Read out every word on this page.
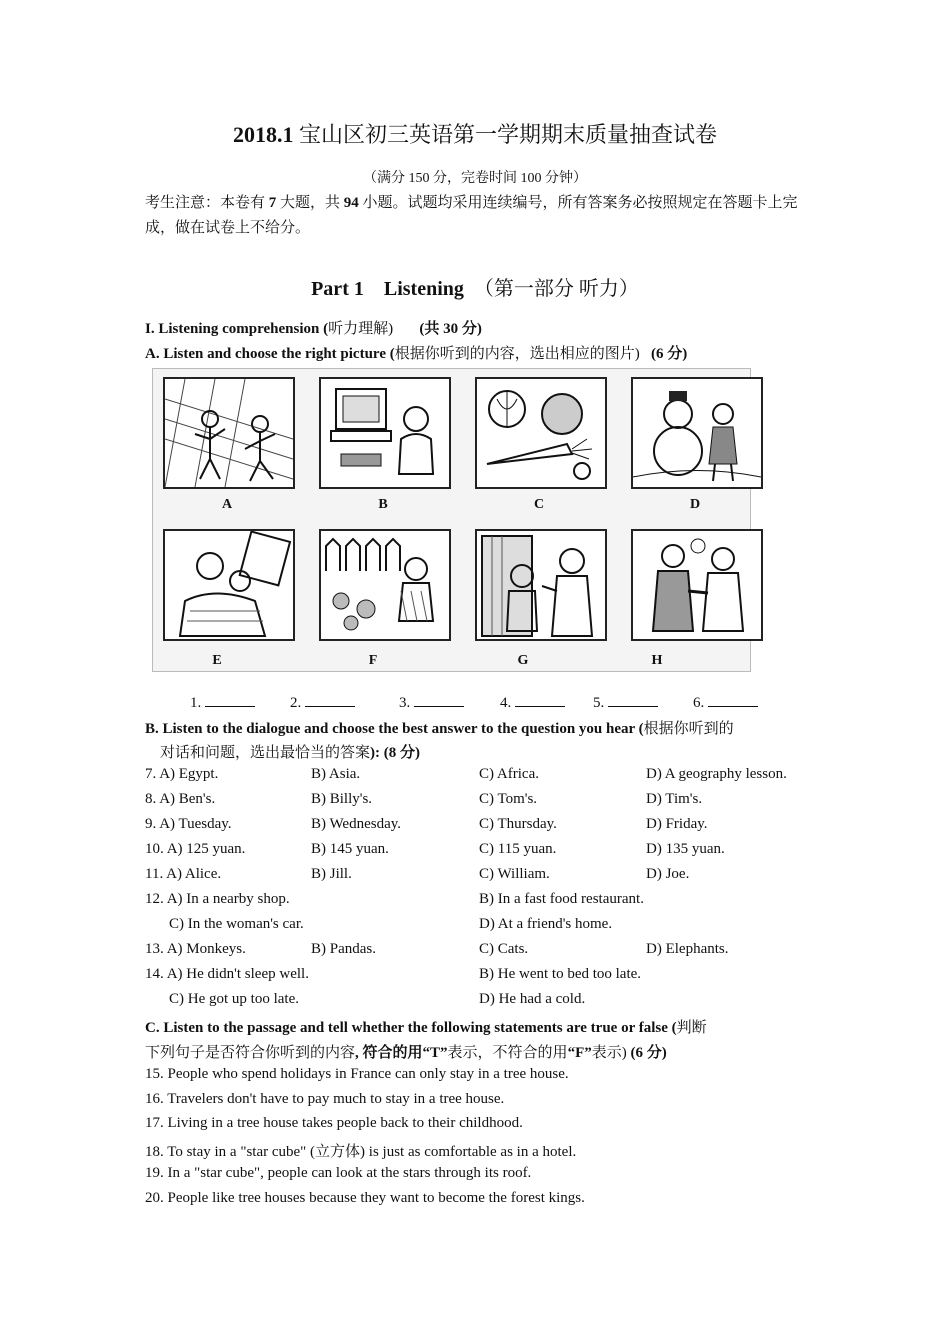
2018.1 宝山区初三英语第一学期期末质量抽查试卷
（满分 150 分，完卷时间 100 分钟）
考生注意：本卷有 7 大题，共 94 小题。试题均采用连续编号，所有答案务必按照规定在答题卡上完成，做在试卷上不给分。
Part 1 Listening （第一部分 听力）
I. Listening comprehension (听力理解) (共 30 分)
A. Listen and choose the right picture (根据你听到的内容，选出相应的图片) (6 分)
A	B	C	D
E	F	G	H
1.	2.	3.	4.	5.	6.
B. Listen to the dialogue and choose the best answer to the question you hear (根据你听到的
对话和问题，选出最恰当的答案): (8 分)
7. A) Egypt.	B) Asia.	C) Africa.	D) A geography lesson.
8. A) Ben's.	B) Billy's.	C) Tom's.	D) Tim's.
9. A) Tuesday.	B) Wednesday.	C) Thursday.	D) Friday.
10. A) 125 yuan.	B) 145 yuan.	C) 115 yuan.	D) 135 yuan.
11. A) Alice.	B) Jill.	C) William.	D) Joe.
12. A) In a nearby shop.	B) In a fast food restaurant.
C) In the woman's car.	D) At a friend's home.
13. A) Monkeys.	B) Pandas.	C) Cats.	D) Elephants.
14. A) He didn't sleep well.	B) He went to bed too late.
C) He got up too late.	D) He had a cold.
C. Listen to the passage and tell whether the following statements are true or false (判断
下列句子是否符合你听到的内容, 符合的用“T”表示，不符合的用“F”表示) (6 分)
15. People who spend holidays in France can only stay in a tree house.
16. Travelers don't have to pay much to stay in a tree house.
17. Living in a tree house takes people back to their childhood.
18. To stay in a "star cube" (立方体) is just as comfortable as in a hotel.
19. In a "star cube", people can look at the stars through its roof.
20. People like tree houses because they want to become the forest kings.
